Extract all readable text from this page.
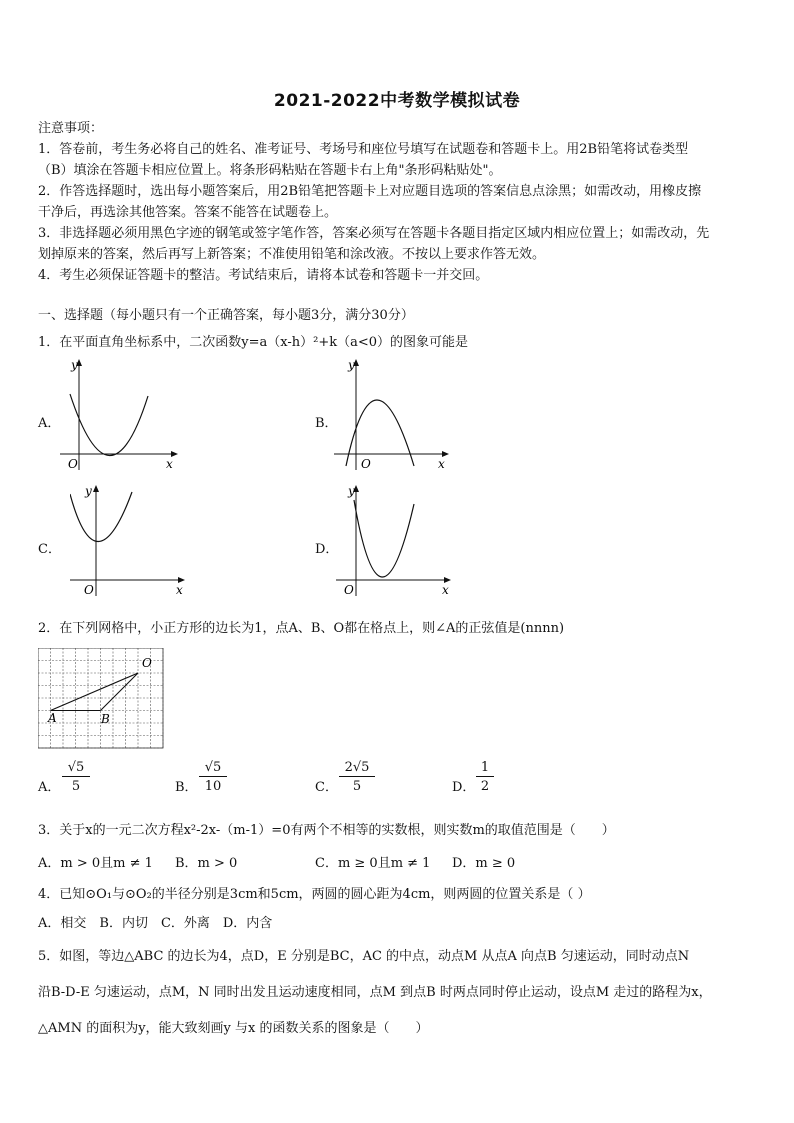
2021-2022中考数学模拟试卷
注意事项：
1．答卷前，考生务必将自己的姓名、准考证号、考场号和座位号填写在试题卷和答题卡上。用2B铅笔将试卷类型
（B）填涂在答题卡相应位置上。将条形码粘贴在答题卡右上角"条形码粘贴处"。
2．作答选择题时，选出每小题答案后，用2B铅笔把答题卡上对应题目选项的答案信息点涂黑；如需改动，用橡皮擦
干净后，再选涂其他答案。答案不能答在试题卷上。
3．非选择题必须用黑色字迹的钢笔或签字笔作答，答案必须写在答题卡各题目指定区域内相应位置上；如需改动，先
划掉原来的答案，然后再写上新答案；不准使用铅笔和涂改液。不按以上要求作答无效。
4．考生必须保证答题卡的整洁。考试结束后，请将本试卷和答题卡一并交回。
一、选择题（每小题只有一个正确答案，每小题3分，满分30分）
1．在平面直角坐标系中，二次函数y=a（x-h）²+k（a<0）的图象可能是
A．
y
x
O
B．
y
x
O
C．
y
x
O
D．
y
x
O
2．在下列网格中，小正方形的边长为1，点A、B、O都在格点上，则∠A的正弦值是(nnnn)
O
A	B
A． $\frac{√5}{5}$	B． $\frac{√5}{10}$	C． $\frac{2√5}{5}$	D． $\frac{1}{2}$
3．关于x的一元二次方程x²-2x-（m-1）=0有两个不相等的实数根，则实数m的取值范围是（　　）
A．m > 0且m ≠ 1 B．m > 0	C．m ≥ 0且m ≠ 1 D．m ≥ 0
4．已知⊙O₁与⊙O₂的半径分别是3cm和5cm，两圆的圆心距为4cm，则两圆的位置关系是（ ）
A．相交　B．内切　C．外离　D．内含
5．如图，等边△ABC 的边长为4，点D，E 分别是BC，AC 的中点，动点M 从点A 向点B 匀速运动，同时动点N
沿B-D-E 匀速运动，点M，N 同时出发且运动速度相同，点M 到点B 时两点同时停止运动，设点M 走过的路程为x，
△AMN 的面积为y，能大致刻画y 与x 的函数关系的图象是（　　）
